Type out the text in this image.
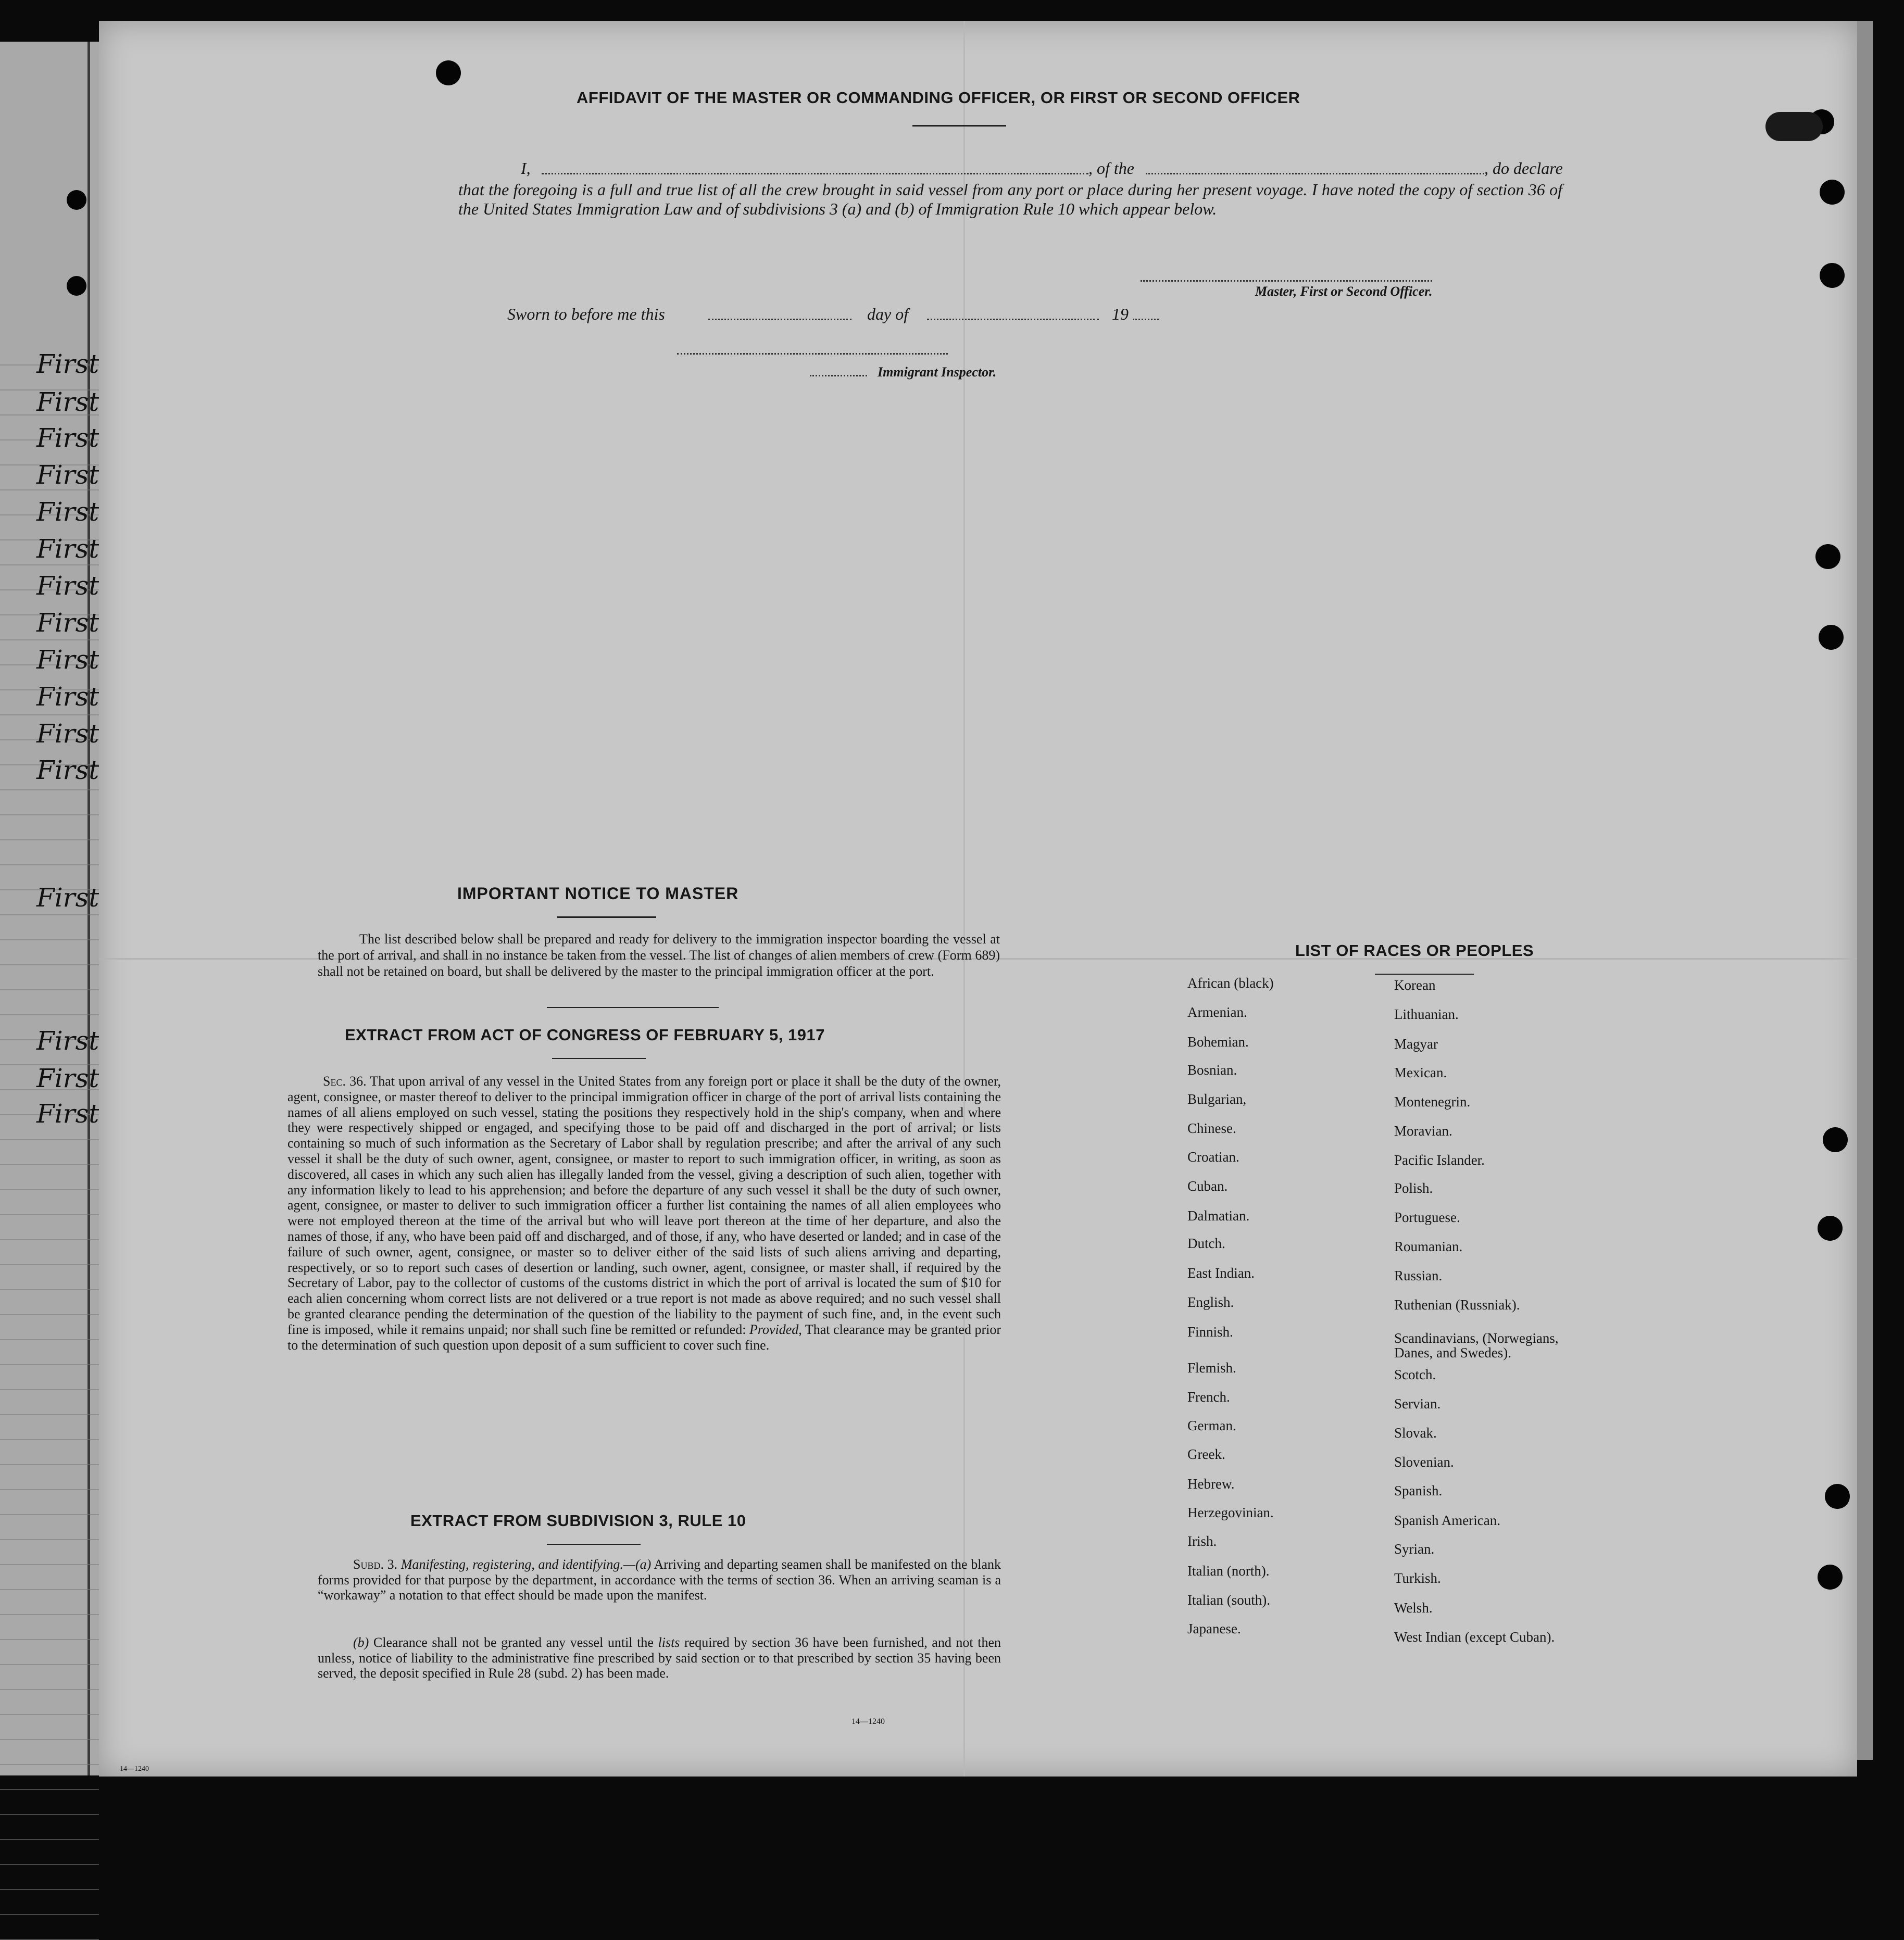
First
First
First
First
First
First
First
First
First
First
First
First
First
First
First
First
AFFIDAVIT OF THE MASTER OR COMMANDING OFFICER, OR FIRST OR SECOND OFFICER
I,	, of the	, do declare
that the foregoing is a full and true list of all the crew brought in said vessel from any port or place during her present voyage. I have noted the copy of section 36 of the United States Immigration Law and of subdivisions 3 (a) and (b) of Immigration Rule 10 which appear below.
Master, First or Second Officer.
Sworn to before me this	day of	19
Immigrant Inspector.
IMPORTANT NOTICE TO MASTER
The list described below shall be prepared and ready for delivery to the immigration inspector boarding the vessel at the port of arrival, and shall in no instance be taken from the vessel. The list of changes of alien members of crew (Form 689) shall not be retained on board, but shall be delivered by the master to the principal immigration officer at the port.
EXTRACT FROM ACT OF CONGRESS OF FEBRUARY 5, 1917
Sec. 36. That upon arrival of any vessel in the United States from any foreign port or place it shall be the duty of the owner, agent, consignee, or master thereof to deliver to the principal immigration officer in charge of the port of arrival lists containing the names of all aliens employed on such vessel, stating the positions they respectively hold in the ship's company, when and where they were respectively shipped or engaged, and specifying those to be paid off and discharged in the port of arrival; or lists containing so much of such information as the Secretary of Labor shall by regulation prescribe; and after the arrival of any such vessel it shall be the duty of such owner, agent, consignee, or master to report to such immigration officer, in writing, as soon as discovered, all cases in which any such alien has illegally landed from the vessel, giving a description of such alien, together with any information likely to lead to his apprehension; and before the departure of any such vessel it shall be the duty of such owner, agent, consignee, or master to deliver to such immigration officer a further list containing the names of all alien employees who were not employed thereon at the time of the arrival but who will leave port thereon at the time of her departure, and also the names of those, if any, who have been paid off and discharged, and of those, if any, who have deserted or landed; and in case of the failure of such owner, agent, consignee, or master so to deliver either of the said lists of such aliens arriving and departing, respectively, or so to report such cases of desertion or landing, such owner, agent, consignee, or master shall, if required by the Secretary of Labor, pay to the collector of customs of the customs district in which the port of arrival is located the sum of $10 for each alien concerning whom correct lists are not delivered or a true report is not made as above required; and no such vessel shall be granted clearance pending the determination of the question of the liability to the payment of such fine, and, in the event such fine is imposed, while it remains unpaid; nor shall such fine be remitted or refunded: Provided, That clearance may be granted prior to the determination of such question upon deposit of a sum sufficient to cover such fine.
EXTRACT FROM SUBDIVISION 3, RULE 10
Subd. 3. Manifesting, registering, and identifying.—(a) Arriving and departing seamen shall be manifested on the blank forms provided for that purpose by the department, in accordance with the terms of section 36. When an arriving seaman is a “workaway” a notation to that effect should be made upon the manifest.
(b) Clearance shall not be granted any vessel until the lists required by section 36 have been furnished, and not then unless, notice of liability to the administrative fine prescribed by said section or to that prescribed by section 35 having been served, the deposit specified in Rule 28 (subd. 2) has been made.
14—1240
14—1240
LIST OF RACES OR PEOPLES
African (black)
Armenian.
Bohemian.
Bosnian.
Bulgarian,
Chinese.
Croatian.
Cuban.
Dalmatian.
Dutch.
East Indian.
English.
Finnish.
Flemish.
French.
German.
Greek.
Hebrew.
Herzegovinian.
Irish.
Italian (north).
Italian (south).
Japanese.
Korean
Lithuanian.
Magyar
Mexican.
Montenegrin.
Moravian.
Pacific Islander.
Polish.
Portuguese.
Roumanian.
Russian.
Ruthenian (Russniak).
Scandinavians, (Norwegians, Danes, and Swedes).
Scotch.
Servian.
Slovak.
Slovenian.
Spanish.
Spanish American.
Syrian.
Turkish.
Welsh.
West Indian (except Cuban).
